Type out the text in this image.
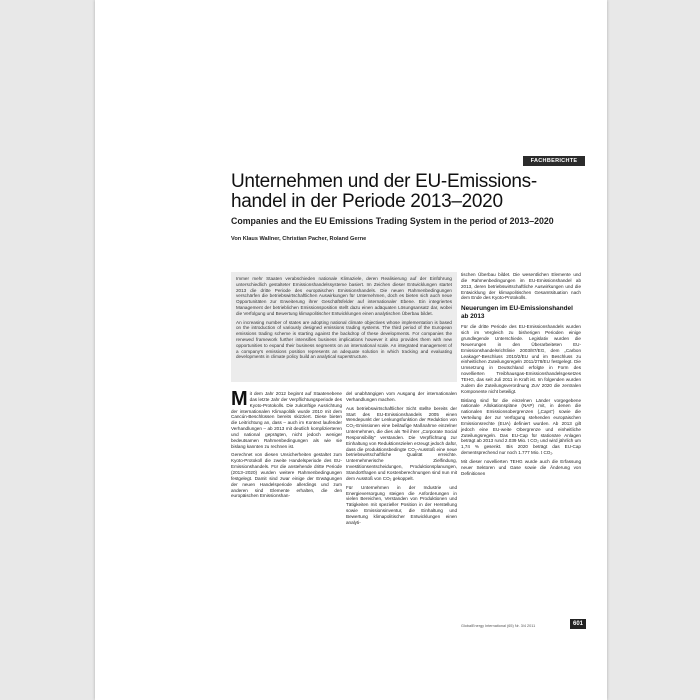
FACHBERICHTE
Unternehmen und der EU-Emissions-handel in der Periode 2013–2020
Companies and the EU Emissions Trading System in the period of 2013–2020
Von Klaus Wallner, Christian Pacher, Roland Gerne

Immer mehr Staaten verabschieden nationale Klimaziele, deren Realisierung auf der Einführung unterschiedlich gestalteter Emissionshandelssysteme basiert. Im Zeichen dieser Entwicklungen startet 2013 die dritte Periode des europäischen Emissionshandels. Die neuen Rahmenbedingungen verschärfen die betriebswirtschaftlichen Auswirkungen für Unternehmen, doch es bieten sich auch neue Opportunitäten zur Erweiterung ihrer Geschäftsfelder auf internationaler Ebene. Ein integriertes Management der betrieblichen Emissionsposition stellt dazu einen adäquaten Lösungsansatz dar, wobei die Verfolgung und Bewertung klimapolitischer Entwicklungen einen analytischen Überbau bildet.

An increasing number of states are adopting national climate objectives whose implementation is based on the introduction of variously designed emissions trading systems. The third period of the European emissions trading scheme is starting against the backdrop of these developments. For companies the renewed framework further intensifies business implications however it also provides them with new opportunities to expand their business segments on an international scale. An integrated management of a company's emissions position represents an adequate solution in which tracking and evaluating developments in climate policy build an analytical superstructure.

Mit dem Jahr 2012 beginnt auf Staatenebene das letzte Jahr der Verpflichtungsperiode des Kyoto-Protokolls. Die zukünftige Ausrichtung der internationalen Klimapolitik wurde 2010 mit dem Cancún-Beschlüssen bereits skizziert. Diese bieten die Leitrichtung an, dass – auch im Kontext laufender Verhandlungen – ab 2013 mit deutlich komplizierteren und national geprägten, nicht jedoch weniger bedeutsamen Rahmenbedingungen als wie sie bislang kannten zu rechnen ist.

Gerechnet von diesen Unsicherheiten gestaltet zum Kyoto-Protokoll die zweite Handelsperiode des EU-Emissionshandels. Für die anstehende dritte Periode (2013–2020) wurden weitere Rahmenbedingungen festgelegt. Damit sind zwar einige der Erwägungen der neuen Handelsperiode allerdings und zum anderen sind Elemente erhalten, die den europäischen Emissionshan-

del unabhängigen vom Ausgang der internationalen Verhandlungen machen.

Aus betriebswirtschaftlicher Sicht stellte bereits der Start des EU-Emissionshandels 2005 einen Wendepunkt der Lenkungsfunktion der Reduktion von CO₂-Emissionen eine beiläufige Maßnahme einzelner Unternehmen, die dies als Teil ihrer „Corporate Social Responsibility“ verstanden. Die Verpflichtung zur Einhaltung von Reduktionszielen erzeugt jedoch dafür, dass die produktionsbedingte CO₂-Ausstoß eine neue betriebswirtschaftliche Qualität erreichte. Unternehmerische Zielfindung, Investitionsentscheidungen, Produktionsplanungen, Standortfragen und Kostenberechnungen sind nun mit dem Ausstoß von CO₂ gekoppelt.

Für Unternehmen in der Industrie und Energieversorgung steigen die Anforderungen in vielen Bereichen, Verstanden von Produktionen und Tätigkeiten mit spezieller Position in der Herstellung sowie Emissionsinventur, die Einhaltung und Bewertung klimapolitischer Entwicklungen einen analyti-

tischen Überbau bildet. Die wesentlichen Elemente und die Rahmenbedingungen im EU-Emissionshandel ab 2013, deren betriebswirtschaftliche Auswirkungen und die Entwicklung der klimapolitischen Gesamtsituation nach dem Ende des Kyoto-Protokolls.

Neuerungen im EU-Emissionshandel ab 2013

Für die dritte Periode des EU-Emissionshandels wurden sich im Vergleich zu bisherigen Perioden einige grundlegende Unterschiede. Legislativ wurden die Neuerungen in den Überarbeiteten EU-Emissionshandelsrichtlinie 2003/87/EG, dem „Carbon Leakage“-Beschluss 2010/2/EU und im Beschluss zu einheitlichen Zuteilungsregeln 2011/278/EU festgelegt. Die Umsetzung in Deutschland erfolgte in Form des novellierten Treibhausgas-Emissionshandelsgesetzes TEHG, das seit Juli 2011 in Kraft ist. Im folgenden wurden zudem die Zuteilungsverordnung ZuV 2020 die zentralen Komponente nicht beteiligt.

Bislang sind für die einzelnen Länder vorgegebene nationale Allokationspläne (NAP) mit, in denen die nationalen Emissionsobergrenzen („Caps“) sowie die Verteilung der zur Verfügung stehenden europäischen Emissionsrechte (EUA) definiert wurden. Ab 2013 gilt jedoch eine EU-weite Obergrenze und einheitliche Zuteilungsregeln. Das EU-Cap für stationäre Anlagen beträgt ab 2013 rund 2.039 Mio. t CO₂ und wird jährlich um 1,74 % gesenkt. Bis 2020 beträgt das EU-Cap dementsprechend nur noch 1.777 Mio. t CO₂.

Mit dieser novellierten TEHG wurde auch die Erfassung neuer Sektoren und Gase sowie die Änderung von Definitionen

GlobalEnergy International (65) Nr. 3/4 2011	601
